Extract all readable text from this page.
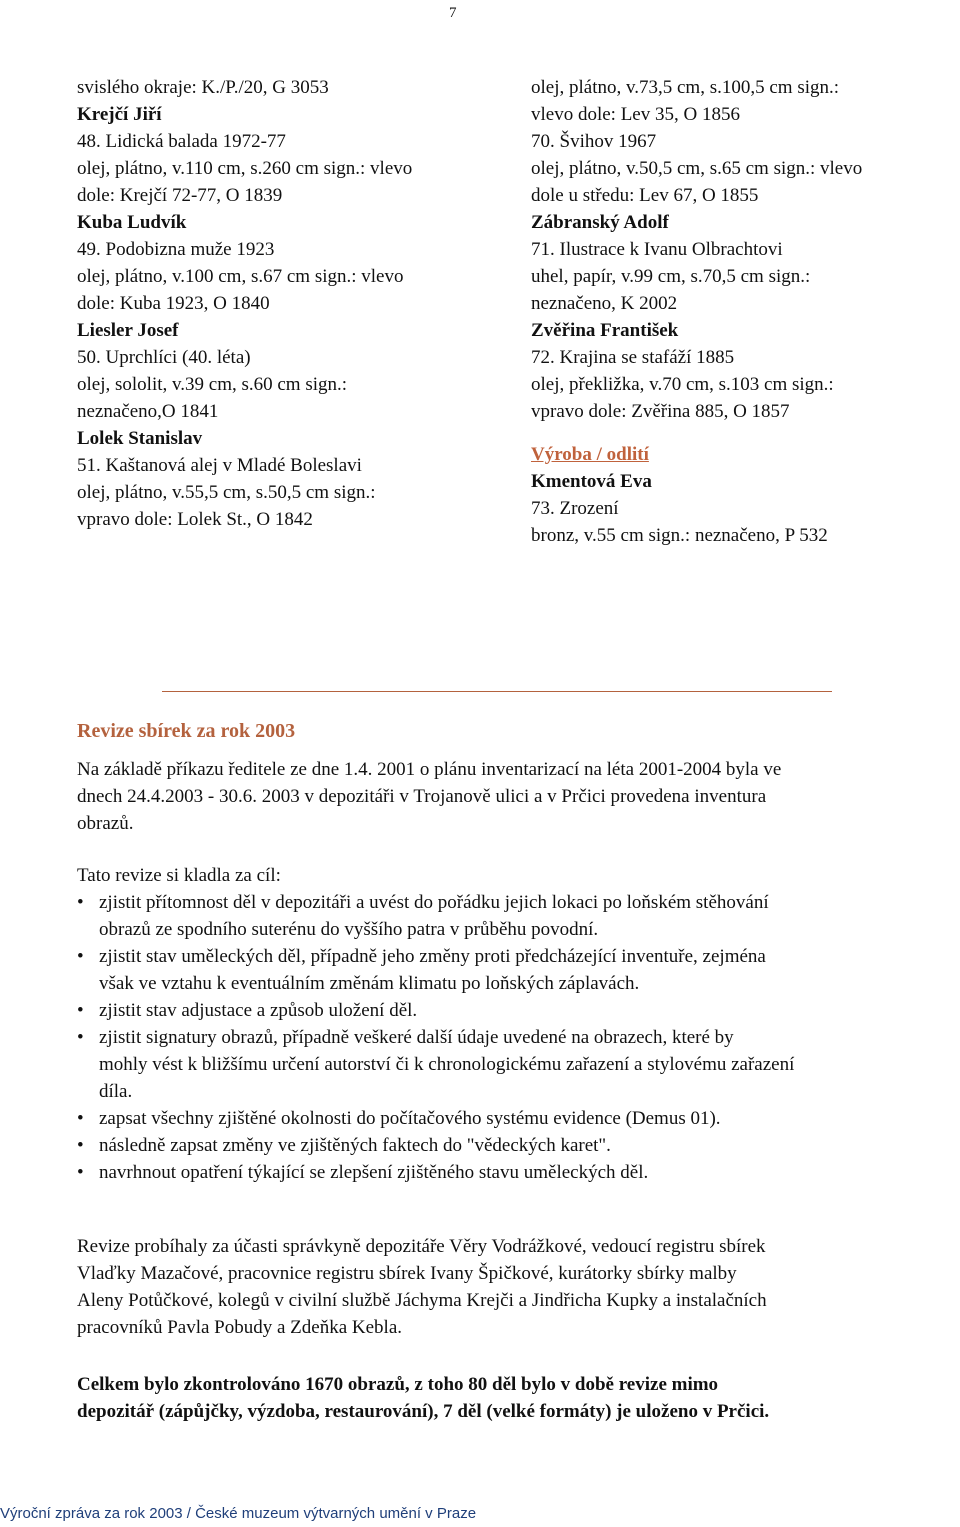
7
svislého okraje: K./P./20, G 3053
Krejčí Jiří
48. Lidická balada 1972-77
olej, plátno, v.110 cm, s.260 cm sign.: vlevo
dole: Krejčí 72-77, O 1839
Kuba Ludvík
49. Podobizna muže 1923
olej, plátno, v.100 cm, s.67 cm sign.: vlevo
dole: Kuba 1923, O 1840
Liesler Josef
50. Uprchlíci (40. léta)
olej, sololit, v.39 cm, s.60 cm sign.:
neznačeno,O 1841
Lolek Stanislav
51. Kaštanová alej v Mladé Boleslavi
olej, plátno, v.55,5 cm, s.50,5 cm sign.:
vpravo dole: Lolek St., O 1842
olej, plátno, v.73,5 cm, s.100,5 cm sign.:
vlevo dole: Lev 35, O 1856
70. Švihov 1967
olej, plátno, v.50,5 cm, s.65 cm sign.: vlevo
dole u středu: Lev 67, O 1855
Zábranský Adolf
71. Ilustrace k Ivanu Olbrachtovi
uhel, papír, v.99 cm, s.70,5 cm sign.:
neznačeno, K 2002
Zvěřina František
72. Krajina se stafáží 1885
olej, překližka, v.70 cm, s.103 cm sign.:
vpravo dole: Zvěřina 885, O 1857
Výroba / odlití
Kmentová Eva
73. Zrození
bronz, v.55 cm sign.: neznačeno, P 532
Revize sbírek za rok 2003
Na základě příkazu ředitele ze dne 1.4. 2001 o plánu inventarizací na léta 2001-2004 byla ve
dnech 24.4.2003 - 30.6. 2003 v depozitáři v Trojanově ulici a v Prčici provedena inventura
obrazů.

Tato revize si kladla za cíl:

• zjistit přítomnost děl v depozitáři a uvést do pořádku jejich lokaci po loňském stěhování
obrazů ze spodního suterénu do vyššího patra v průběhu povodní.
• zjistit stav uměleckých děl, případně jeho změny proti předcházející inventuře, zejména
však ve vztahu k eventuálním změnám klimatu po loňských záplavách.
• zjistit stav adjustace a způsob uložení děl.
• zjistit signatury obrazů, případně veškeré další údaje uvedené na obrazech, které by
mohly vést k bližšímu určení autorství či k chronologickému zařazení a stylovému zařazení
díla.
• zapsat všechny zjištěné okolnosti do počítačového systému evidence (Demus 01).
• následně zapsat změny ve zjištěných faktech do "vědeckých karet".
• navrhnout opatření týkající se zlepšení zjištěného stavu uměleckých děl.
Revize probíhaly za účasti správkyně depozitáře Věry Vodrážkové, vedoucí registru sbírek
Vlaďky Mazačové, pracovnice registru sbírek Ivany Špičkové, kurátorky sbírky malby
Aleny Potůčkové, kolegů v civilní službě Jáchyma Krejči a Jindřicha Kupky a instalačních
pracovníků Pavla Pobudy a Zdeňka Kebla.
Celkem bylo zkontrolováno 1670 obrazů, z toho 80 děl bylo v době revize mimo
depozitář (zápůjčky, výzdoba, restaurování), 7 děl (velké formáty) je uloženo v Prčici.
Výroční zpráva za rok 2003 / České muzeum výtvarných umění v Praze
